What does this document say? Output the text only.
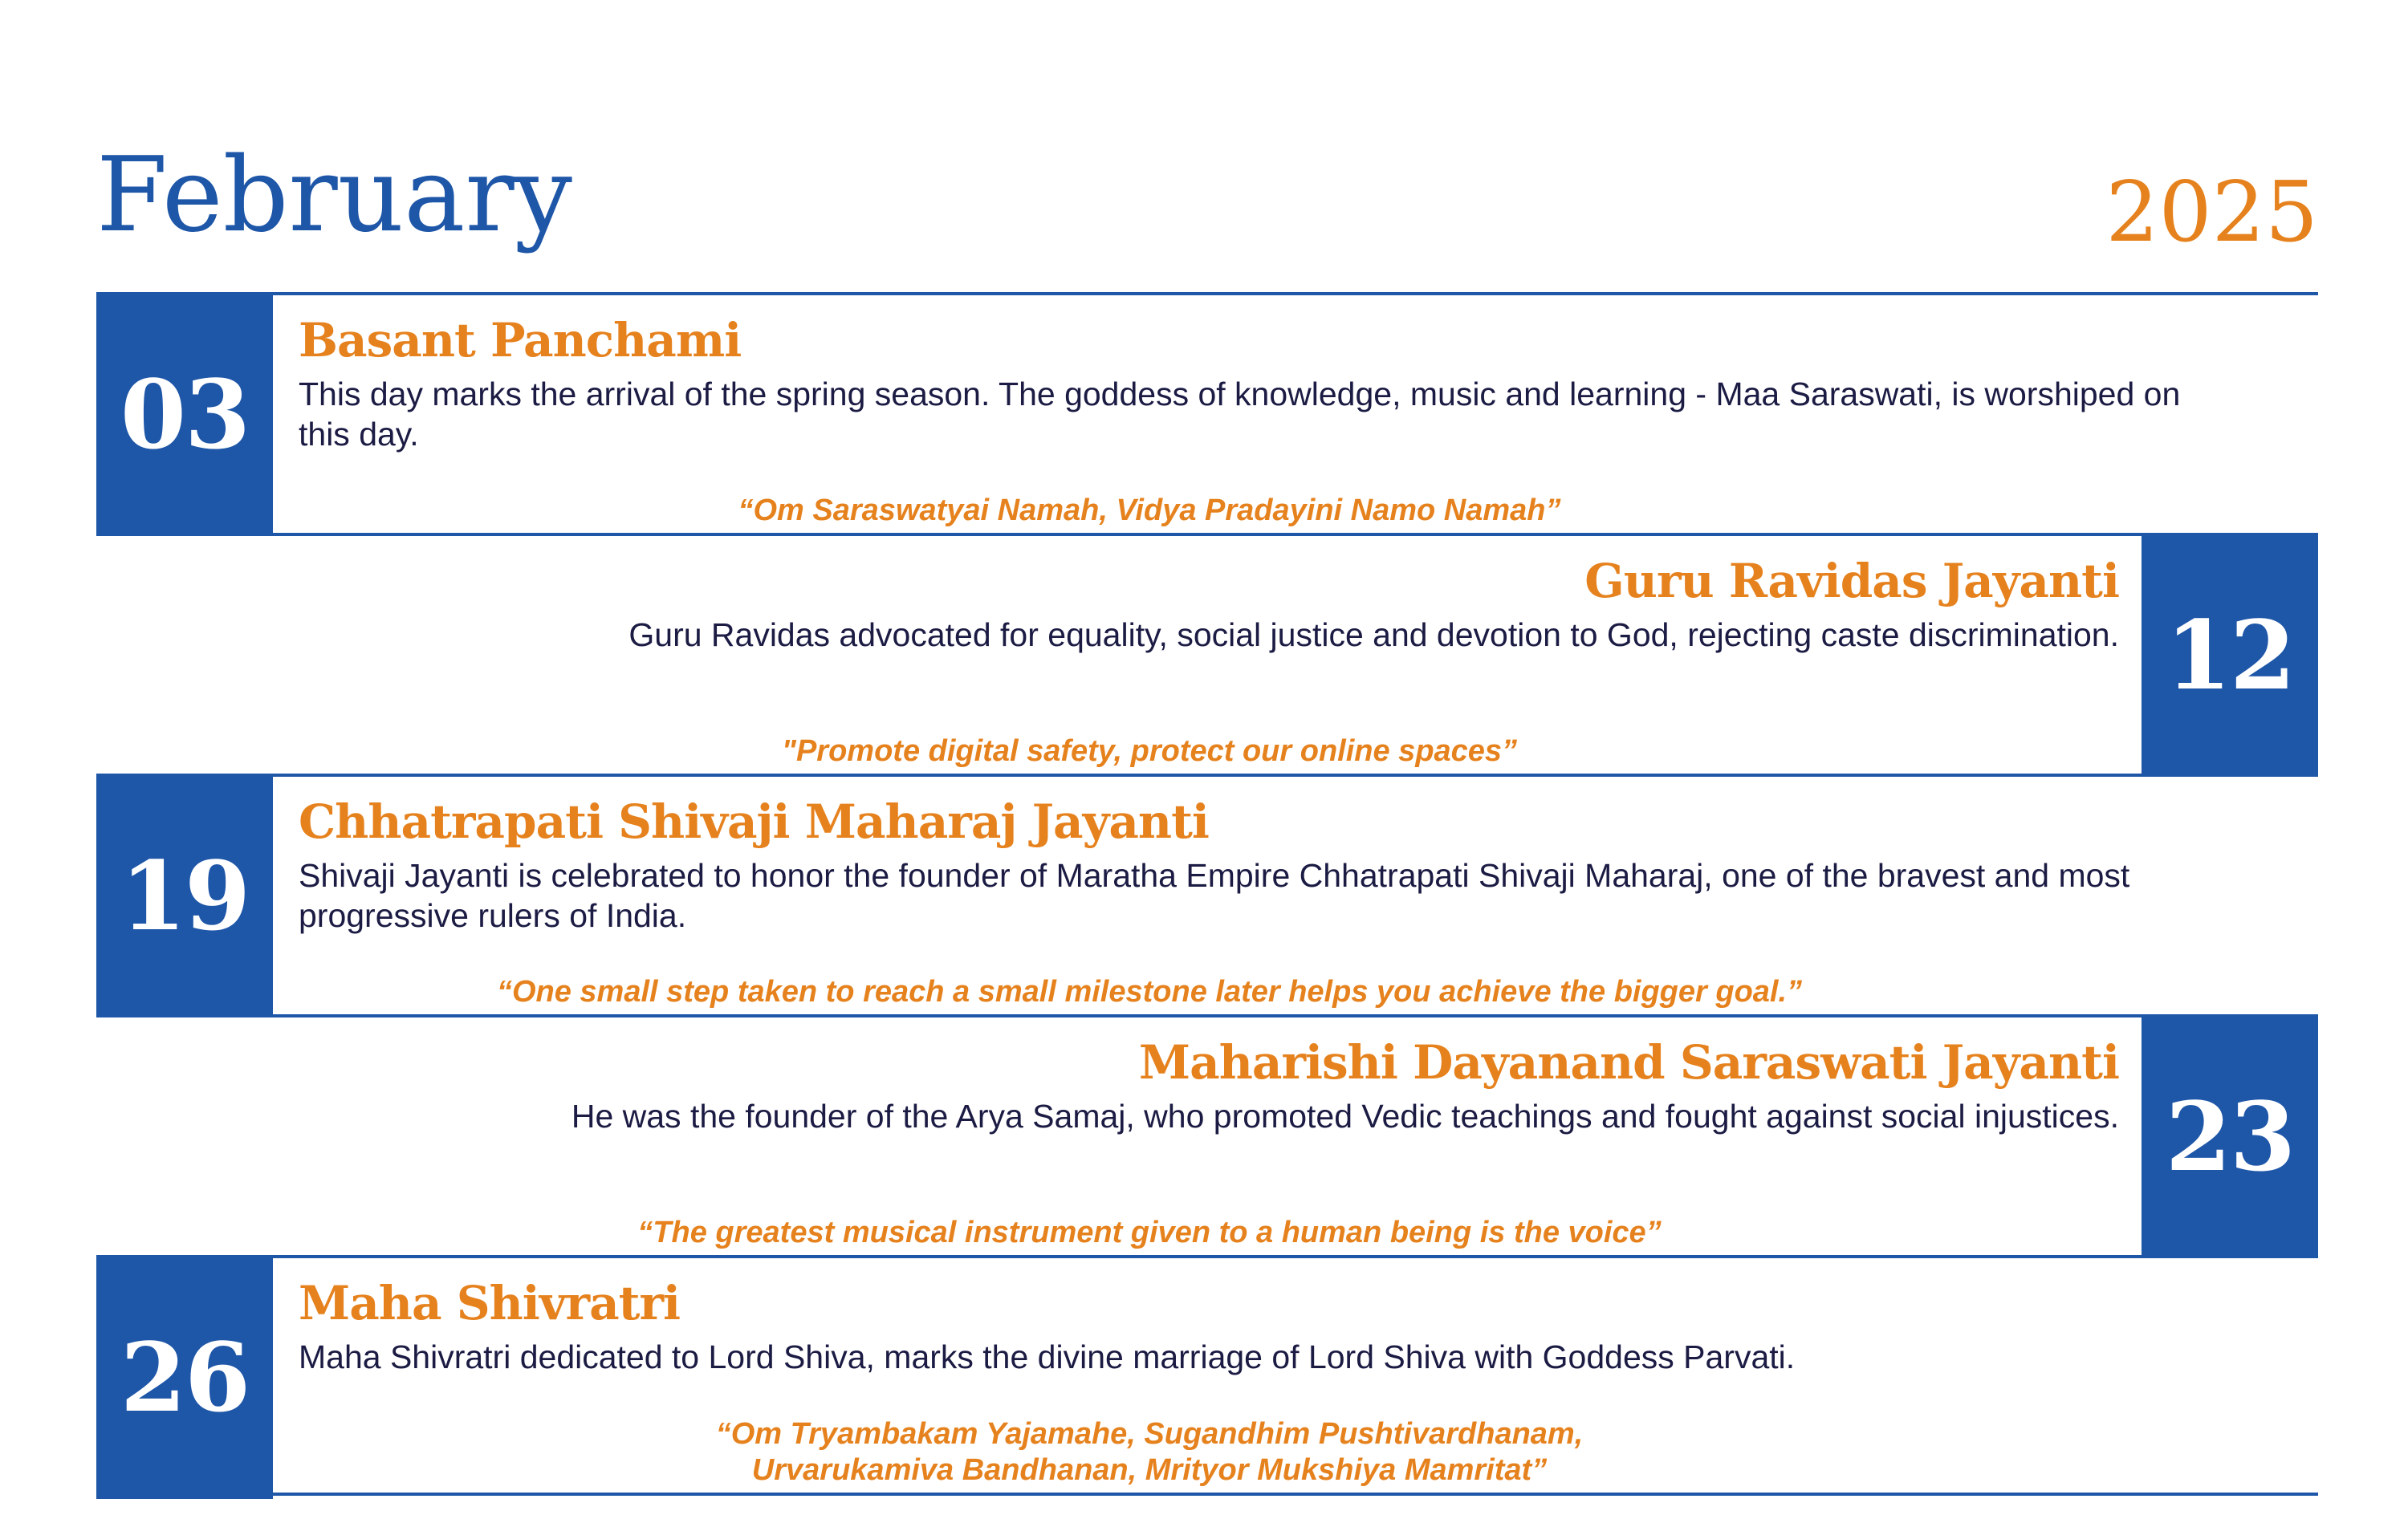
February	2025
03
Basant Panchami
This day marks the arrival of the spring season. The goddess of knowledge, music and learning - Maa Saraswati, is worshiped on this day.
“Om Saraswatyai Namah, Vidya Pradayini Namo Namah”
12
Guru Ravidas Jayanti
Guru Ravidas advocated for equality, social justice and devotion to God, rejecting caste discrimination.
"Promote digital safety, protect our online spaces”
19
Chhatrapati Shivaji Maharaj Jayanti
Shivaji Jayanti is celebrated to honor the founder of Maratha Empire Chhatrapati Shivaji Maharaj, one of the bravest and most progressive rulers of India.
“One small step taken to reach a small milestone later helps you achieve the bigger goal.”
23
Maharishi Dayanand Saraswati Jayanti
He was the founder of the Arya Samaj, who promoted Vedic teachings and fought against social injustices.
“The greatest musical instrument given to a human being is the voice”
26
Maha Shivratri
Maha Shivratri dedicated to Lord Shiva, marks the divine marriage of Lord Shiva with Goddess Parvati.
“Om Tryambakam Yajamahe, Sugandhim Pushtivardhanam,
Urvarukamiva Bandhanan, Mrityor Mukshiya Mamritat”
